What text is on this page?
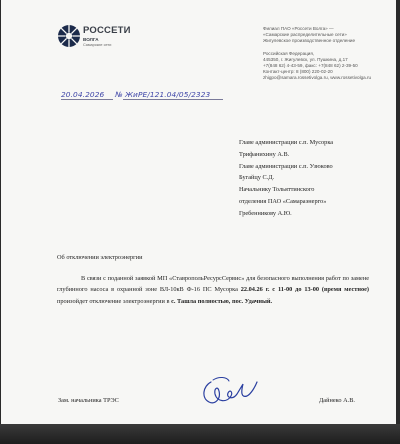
РОССЕТИ
ВОЛГА
Самарские сети
Филиал ПАО «Россети Волга» —
«Самарские распределительные сети»
Жигулевское производственное отделение
Российская Федерация,
445350, г. Жигулевск, ул. Пушкина, д.17
+7(848 62) 4-43-59, факс: +7(848 62) 2-39-50
Контакт-центр: 8 (800) 220-02-20
zhigpo@samara.rossetivolga.ru, www.rossetivolga.ru
20.04.2026 № ЖиРЕ/121.04/05/2323
Главе администрации с.п. Мусорка
Трифанихину А.В.
Главе администрации с.п. Узюково
Бугайцу С.Д.
Начальнику Тольяттинского
отделения ПАО «Самараэнерго»
Гребенникову А.Ю.
Об отключении электроэнергии
В связи с поданной заявкой МП «СтавропольРесурсСервис» для безопасного выполнения работ по замене глубинного насоса в охранной зоне ВЛ-10кВ Ф-16 ПС Мусорка 22.04.26 г. с 11-00 до 13-00 (время местное) произойдет отключение электроэнергии в с. Ташла полностью, пос. Удачный.
Зам. начальника ТРЭС	Дайнеко А.В.
